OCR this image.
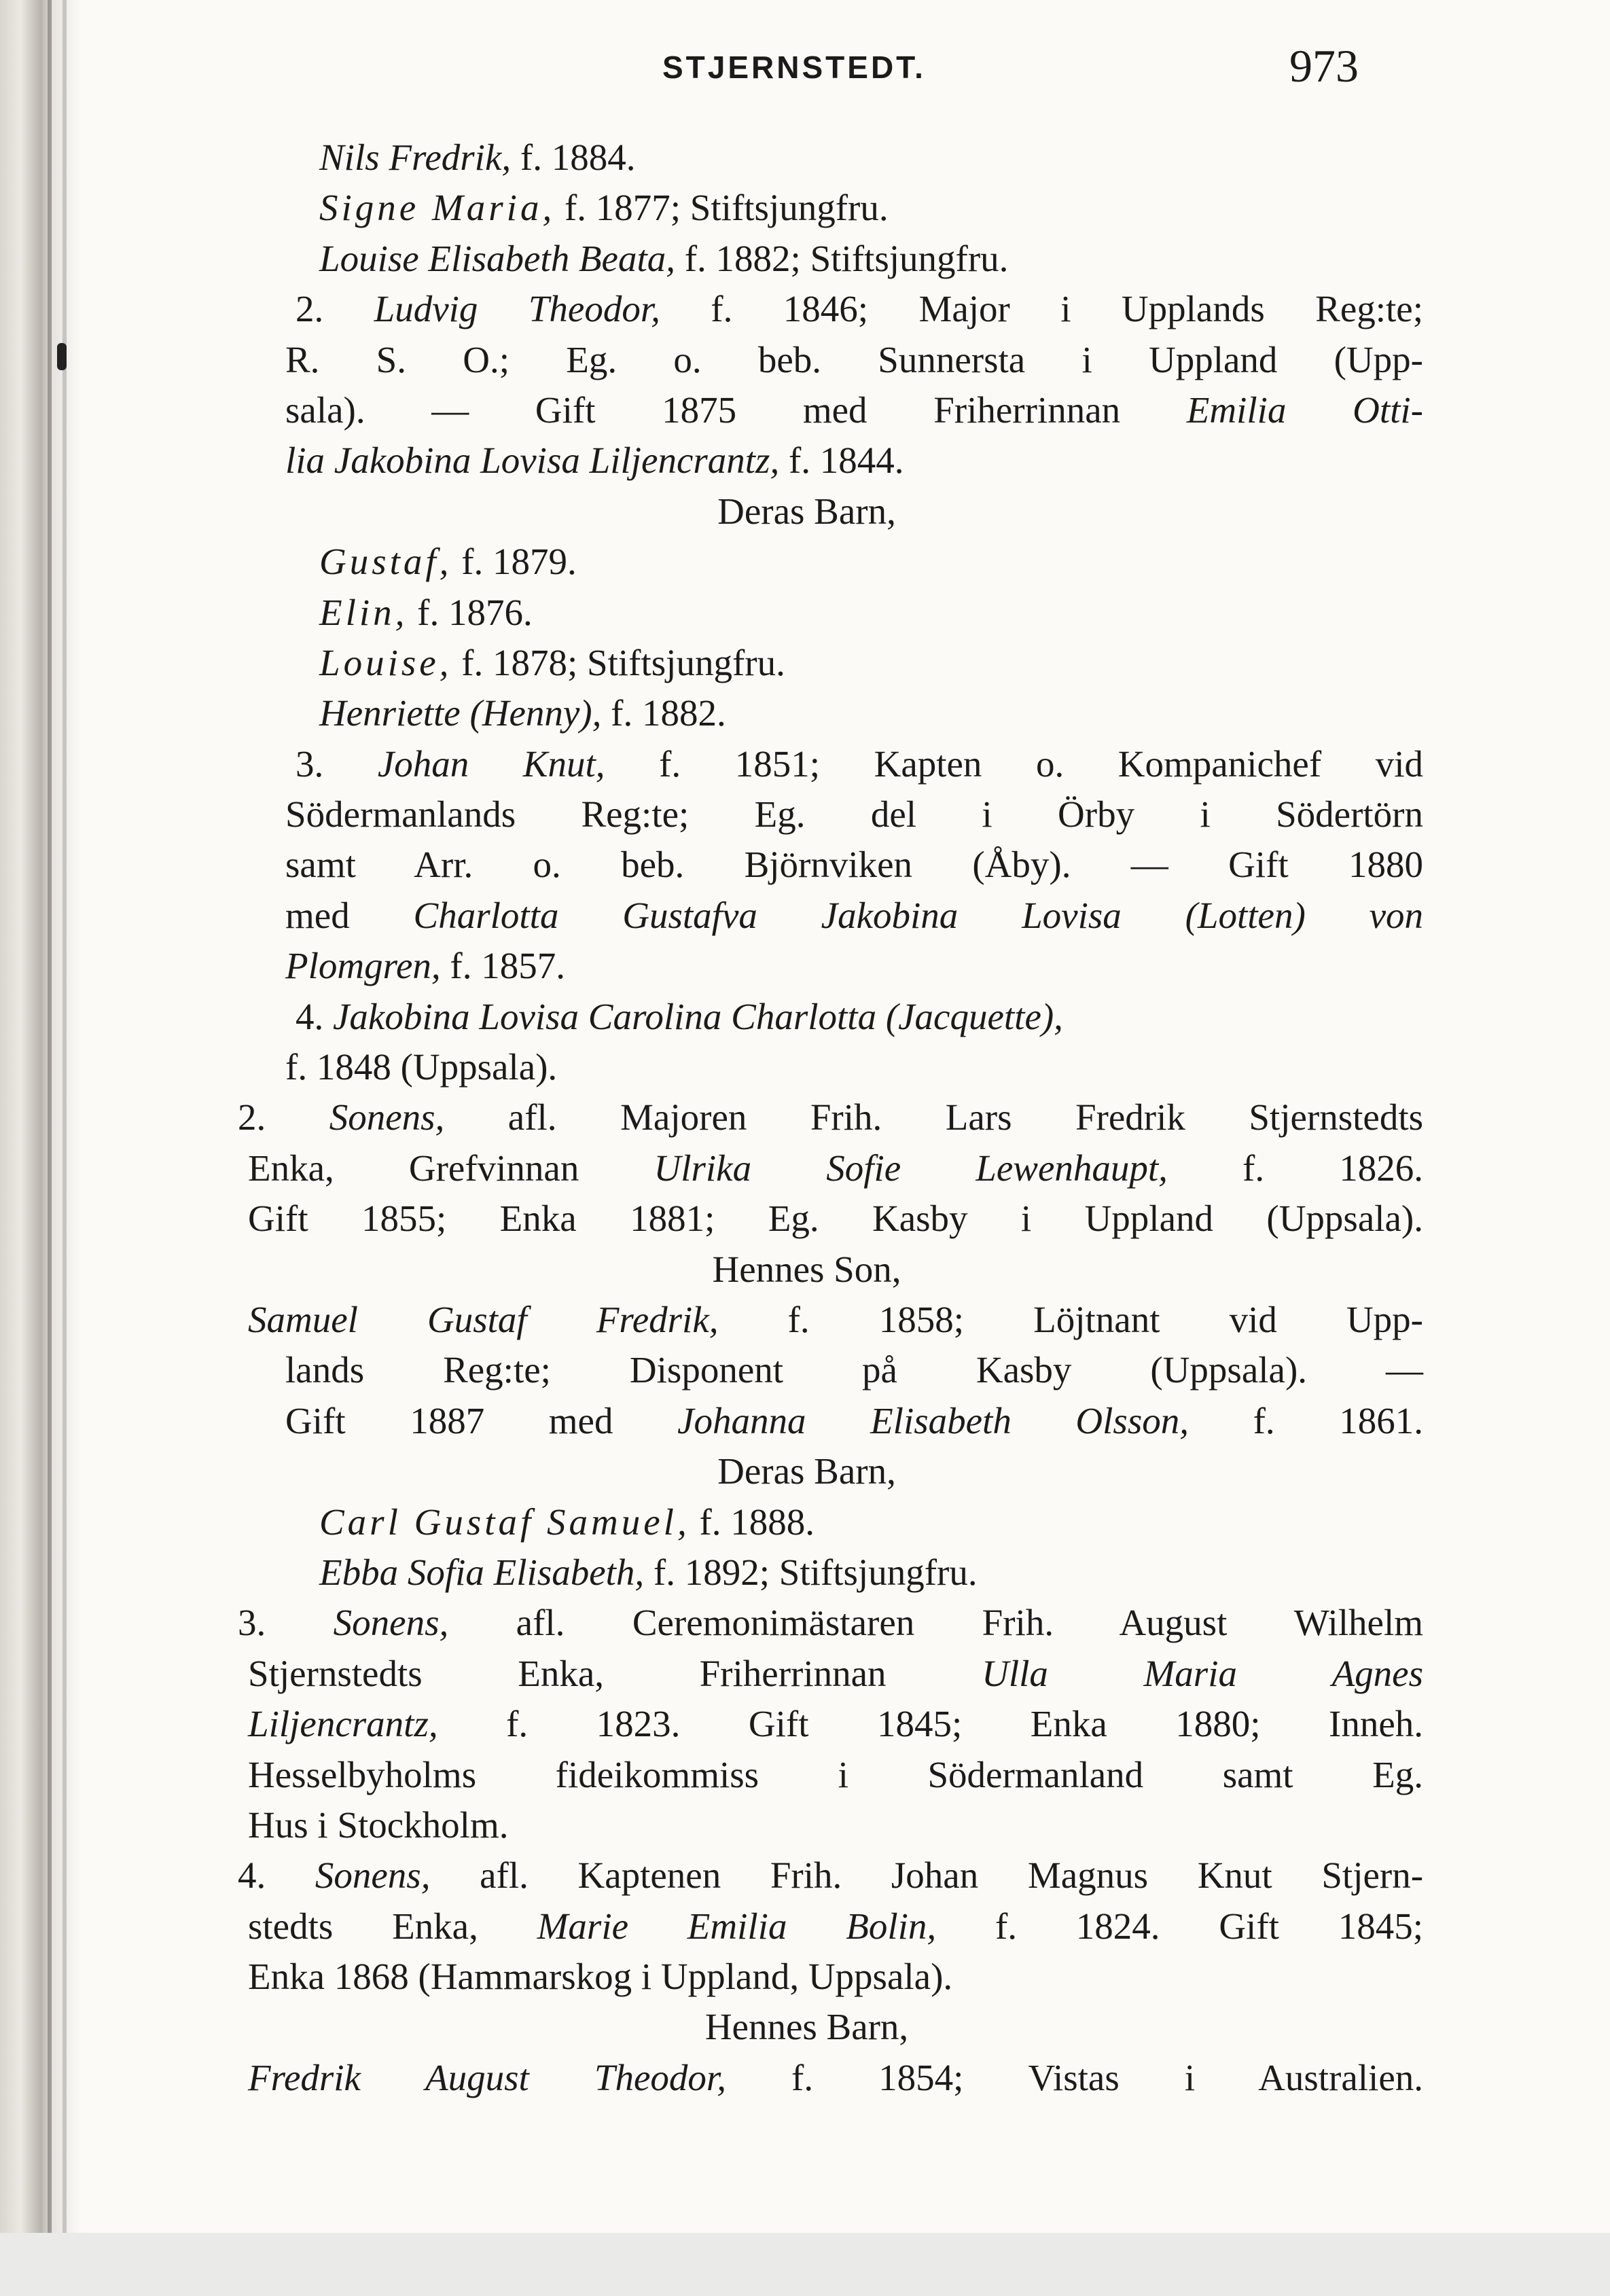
STJERNSTEDT.	973
Nils Fredrik, f. 1884.
Signe Maria, f. 1877; Stiftsjungfru.
Louise Elisabeth Beata, f. 1882; Stiftsjungfru.
2. Ludvig Theodor, f. 1846; Major i Upplands Reg:te;
R. S. O.; Eg. o. beb. Sunnersta i Uppland (Upp-
sala). — Gift 1875 med Friherrinnan Emilia Otti-
lia Jakobina Lovisa Liljencrantz, f. 1844.
Deras Barn,
Gustaf, f. 1879.
Elin, f. 1876.
Louise, f. 1878; Stiftsjungfru.
Henriette (Henny), f. 1882.
3. Johan Knut, f. 1851; Kapten o. Kompanichef vid
Södermanlands Reg:te; Eg. del i Örby i Södertörn
samt Arr. o. beb. Björnviken (Åby). — Gift 1880
med Charlotta Gustafva Jakobina Lovisa (Lotten) von
Plomgren, f. 1857.
4. Jakobina Lovisa Carolina Charlotta (Jacquette),
f. 1848 (Uppsala).
2. Sonens, afl. Majoren Frih. Lars Fredrik Stjernstedts
Enka, Grefvinnan Ulrika Sofie Lewenhaupt, f. 1826.
Gift 1855; Enka 1881; Eg. Kasby i Uppland (Uppsala).
Hennes Son,
Samuel Gustaf Fredrik, f. 1858; Löjtnant vid Upp-
lands Reg:te; Disponent på Kasby (Uppsala). —
Gift 1887 med Johanna Elisabeth Olsson, f. 1861.
Deras Barn,
Carl Gustaf Samuel, f. 1888.
Ebba Sofia Elisabeth, f. 1892; Stiftsjungfru.
3. Sonens, afl. Ceremonimästaren Frih. August Wilhelm
Stjernstedts Enka, Friherrinnan Ulla Maria Agnes
Liljencrantz, f. 1823. Gift 1845; Enka 1880; Inneh.
Hesselbyholms fideikommiss i Södermanland samt Eg.
Hus i Stockholm.
4. Sonens, afl. Kaptenen Frih. Johan Magnus Knut Stjern-
stedts Enka, Marie Emilia Bolin, f. 1824. Gift 1845;
Enka 1868 (Hammarskog i Uppland, Uppsala).
Hennes Barn,
Fredrik August Theodor, f. 1854; Vistas i Australien.
